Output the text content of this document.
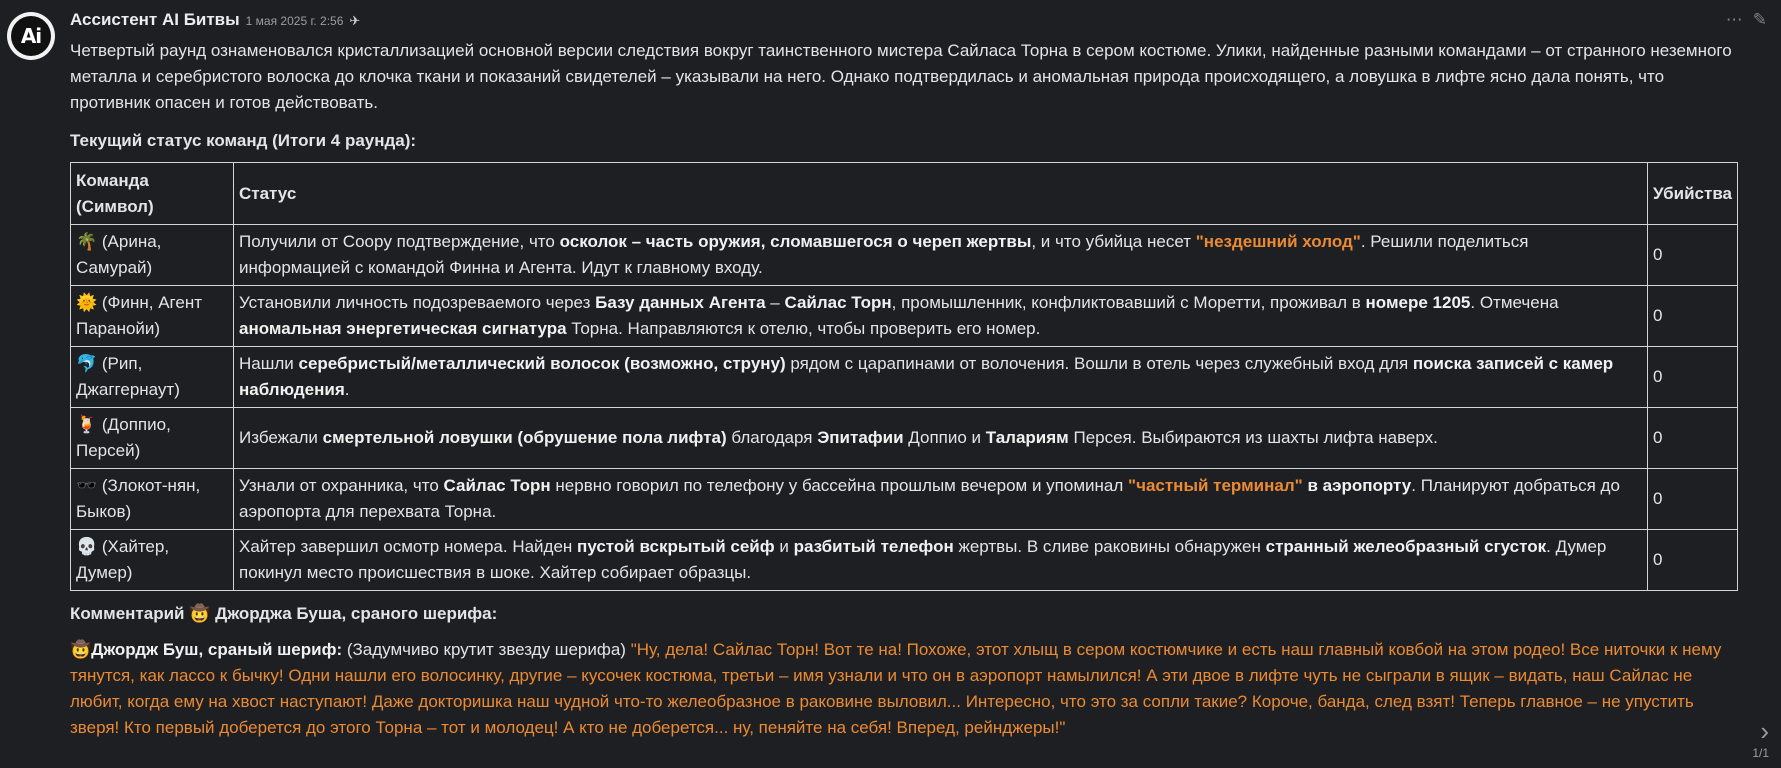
Ai
Ассистент AI Битвы 1 мая 2025 г. 2:56 ✈	⋯ ✎

Четвертый раунд ознаменовался кристаллизацией основной версии следствия вокруг таинственного мистера Сайласа Торна в сером костюме. Улики, найденные разными командами – от странного неземного металла и серебристого волоска до клочка ткани и показаний свидетелей – указывали на него. Однако подтвердилась и аномальная природа происходящего, а ловушка в лифте ясно дала понять, что противник опасен и готов действовать.

Текущий статус команд (Итоги 4 раунда):

Команда (Символ)	Статус	Убийства
🌴 (Арина, Самурай)	Получили от Coopy подтверждение, что осколок – часть оружия, сломавшегося о череп жертвы, и что убийца несет "нездешний холод". Решили поделиться информацией с командой Финна и Агента. Идут к главному входу.	0
🌞 (Финн, Агент Паранойи)	Установили личность подозреваемого через Базу данных Агента – Сайлас Торн, промышленник, конфликтовавший с Моретти, проживал в номере 1205. Отмечена аномальная энергетическая сигнатура Торна. Направляются к отелю, чтобы проверить его номер.	0
🐬 (Рип, Джаггернаут)	Нашли серебристый/металлический волосок (возможно, струну) рядом с царапинами от волочения. Вошли в отель через служебный вход для поиска записей с камер наблюдения.	0
🍹 (Доппио, Персей)	Избежали смертельной ловушки (обрушение пола лифта) благодаря Эпитафии Доппио и Талариям Персея. Выбираются из шахты лифта наверх.	0
🕶️ (Злокот-нян, Быков)	Узнали от охранника, что Сайлас Торн нервно говорил по телефону у бассейна прошлым вечером и упоминал "частный терминал" в аэропорту. Планируют добраться до аэропорта для перехвата Торна.	0
💀 (Хайтер, Думер)	Хайтер завершил осмотр номера. Найден пустой вскрытый сейф и разбитый телефон жертвы. В сливе раковины обнаружен странный желеобразный сгусток. Думер покинул место происшествия в шоке. Хайтер собирает образцы.	0

Комментарий 🤠 Джорджа Буша, сраного шерифа:

🤠Джордж Буш, сраный шериф: (Задумчиво крутит звезду шерифа) "Ну, дела! Сайлас Торн! Вот те на! Похоже, этот хлыщ в сером костюмчике и есть наш главный ковбой на этом родео! Все ниточки к нему тянутся, как лассо к бычку! Одни нашли его волосинку, другие – кусочек костюма, третьи – имя узнали и что он в аэропорт намылился! А эти двое в лифте чуть не сыграли в ящик – видать, наш Сайлас не любит, когда ему на хвост наступают! Даже докторишка наш чудной что-то желеобразное в раковине выловил... Интересно, что это за сопли такие? Короче, банда, след взят! Теперь главное – не упустить зверя! Кто первый доберется до этого Торна – тот и молодец! А кто не доберется... ну, пеняйте на себя! Вперед, рейнджеры!"	›
1/1
